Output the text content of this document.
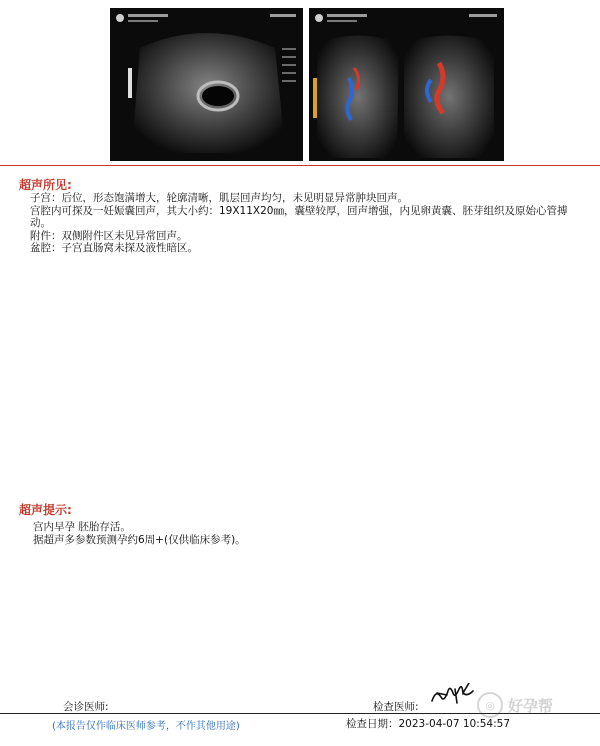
超声所见:

子宫：后位，形态饱满增大，轮廓清晰，肌层回声均匀，未见明显异常肿块回声。

宫腔内可探及一妊娠囊回声，其大小约：19X11X20㎜，囊壁较厚，回声增强，内见卵黄囊、胚芽组织及原始心管搏动。

附件：双侧附件区未见异常回声。

盆腔：子宫直肠窝未探及液性暗区。

超声提示:

宫内早孕 胚胎存活。

据超声多参数预测孕约6周+(仅供临床参考)。

会诊医师:	检查医师:	◎ 好孕帮
(本报告仅作临床医师参考，不作其他用途)	检查日期：2023-04-07 10:54:57
